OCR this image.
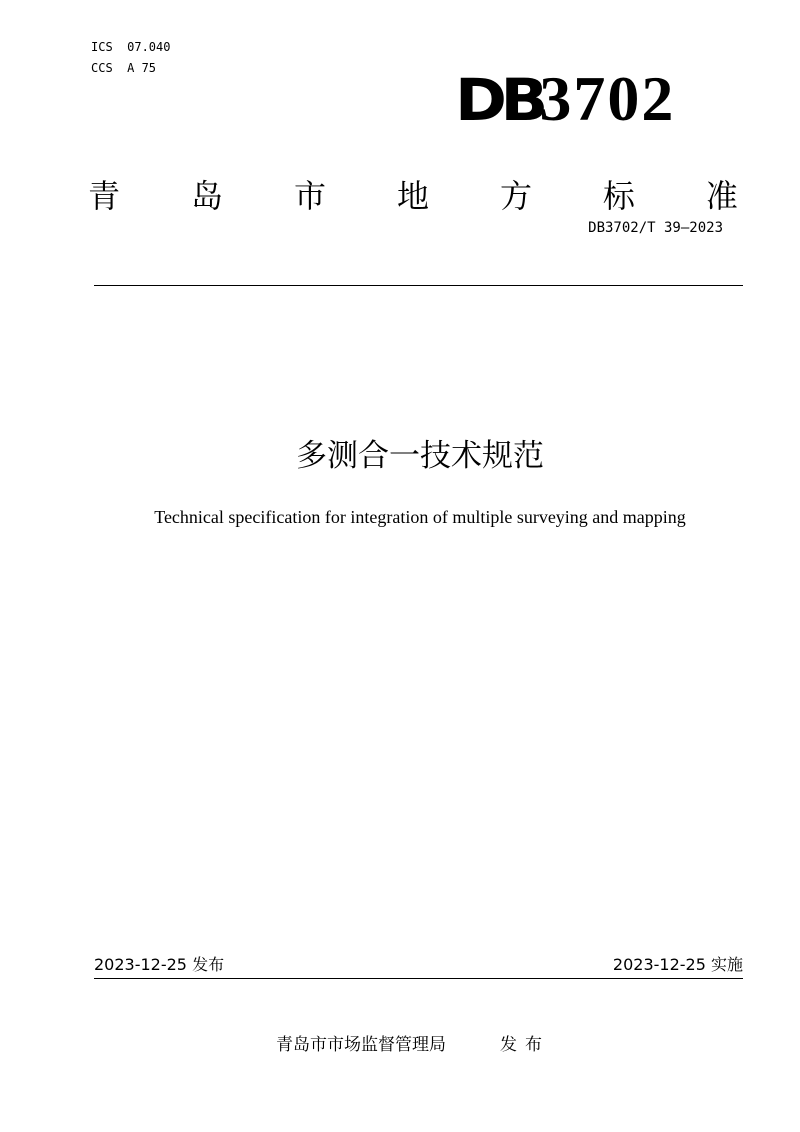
ICS  07.040
CCS  A 75	DB
3702
青 岛 市 地 方 标 准
DB3702/T 39—2023
多测合一技术规范
Technical specification for integration of multiple surveying and mapping
2023-12-25 发布	2023-12-25 实施
青岛市市场监督管理局	发布
